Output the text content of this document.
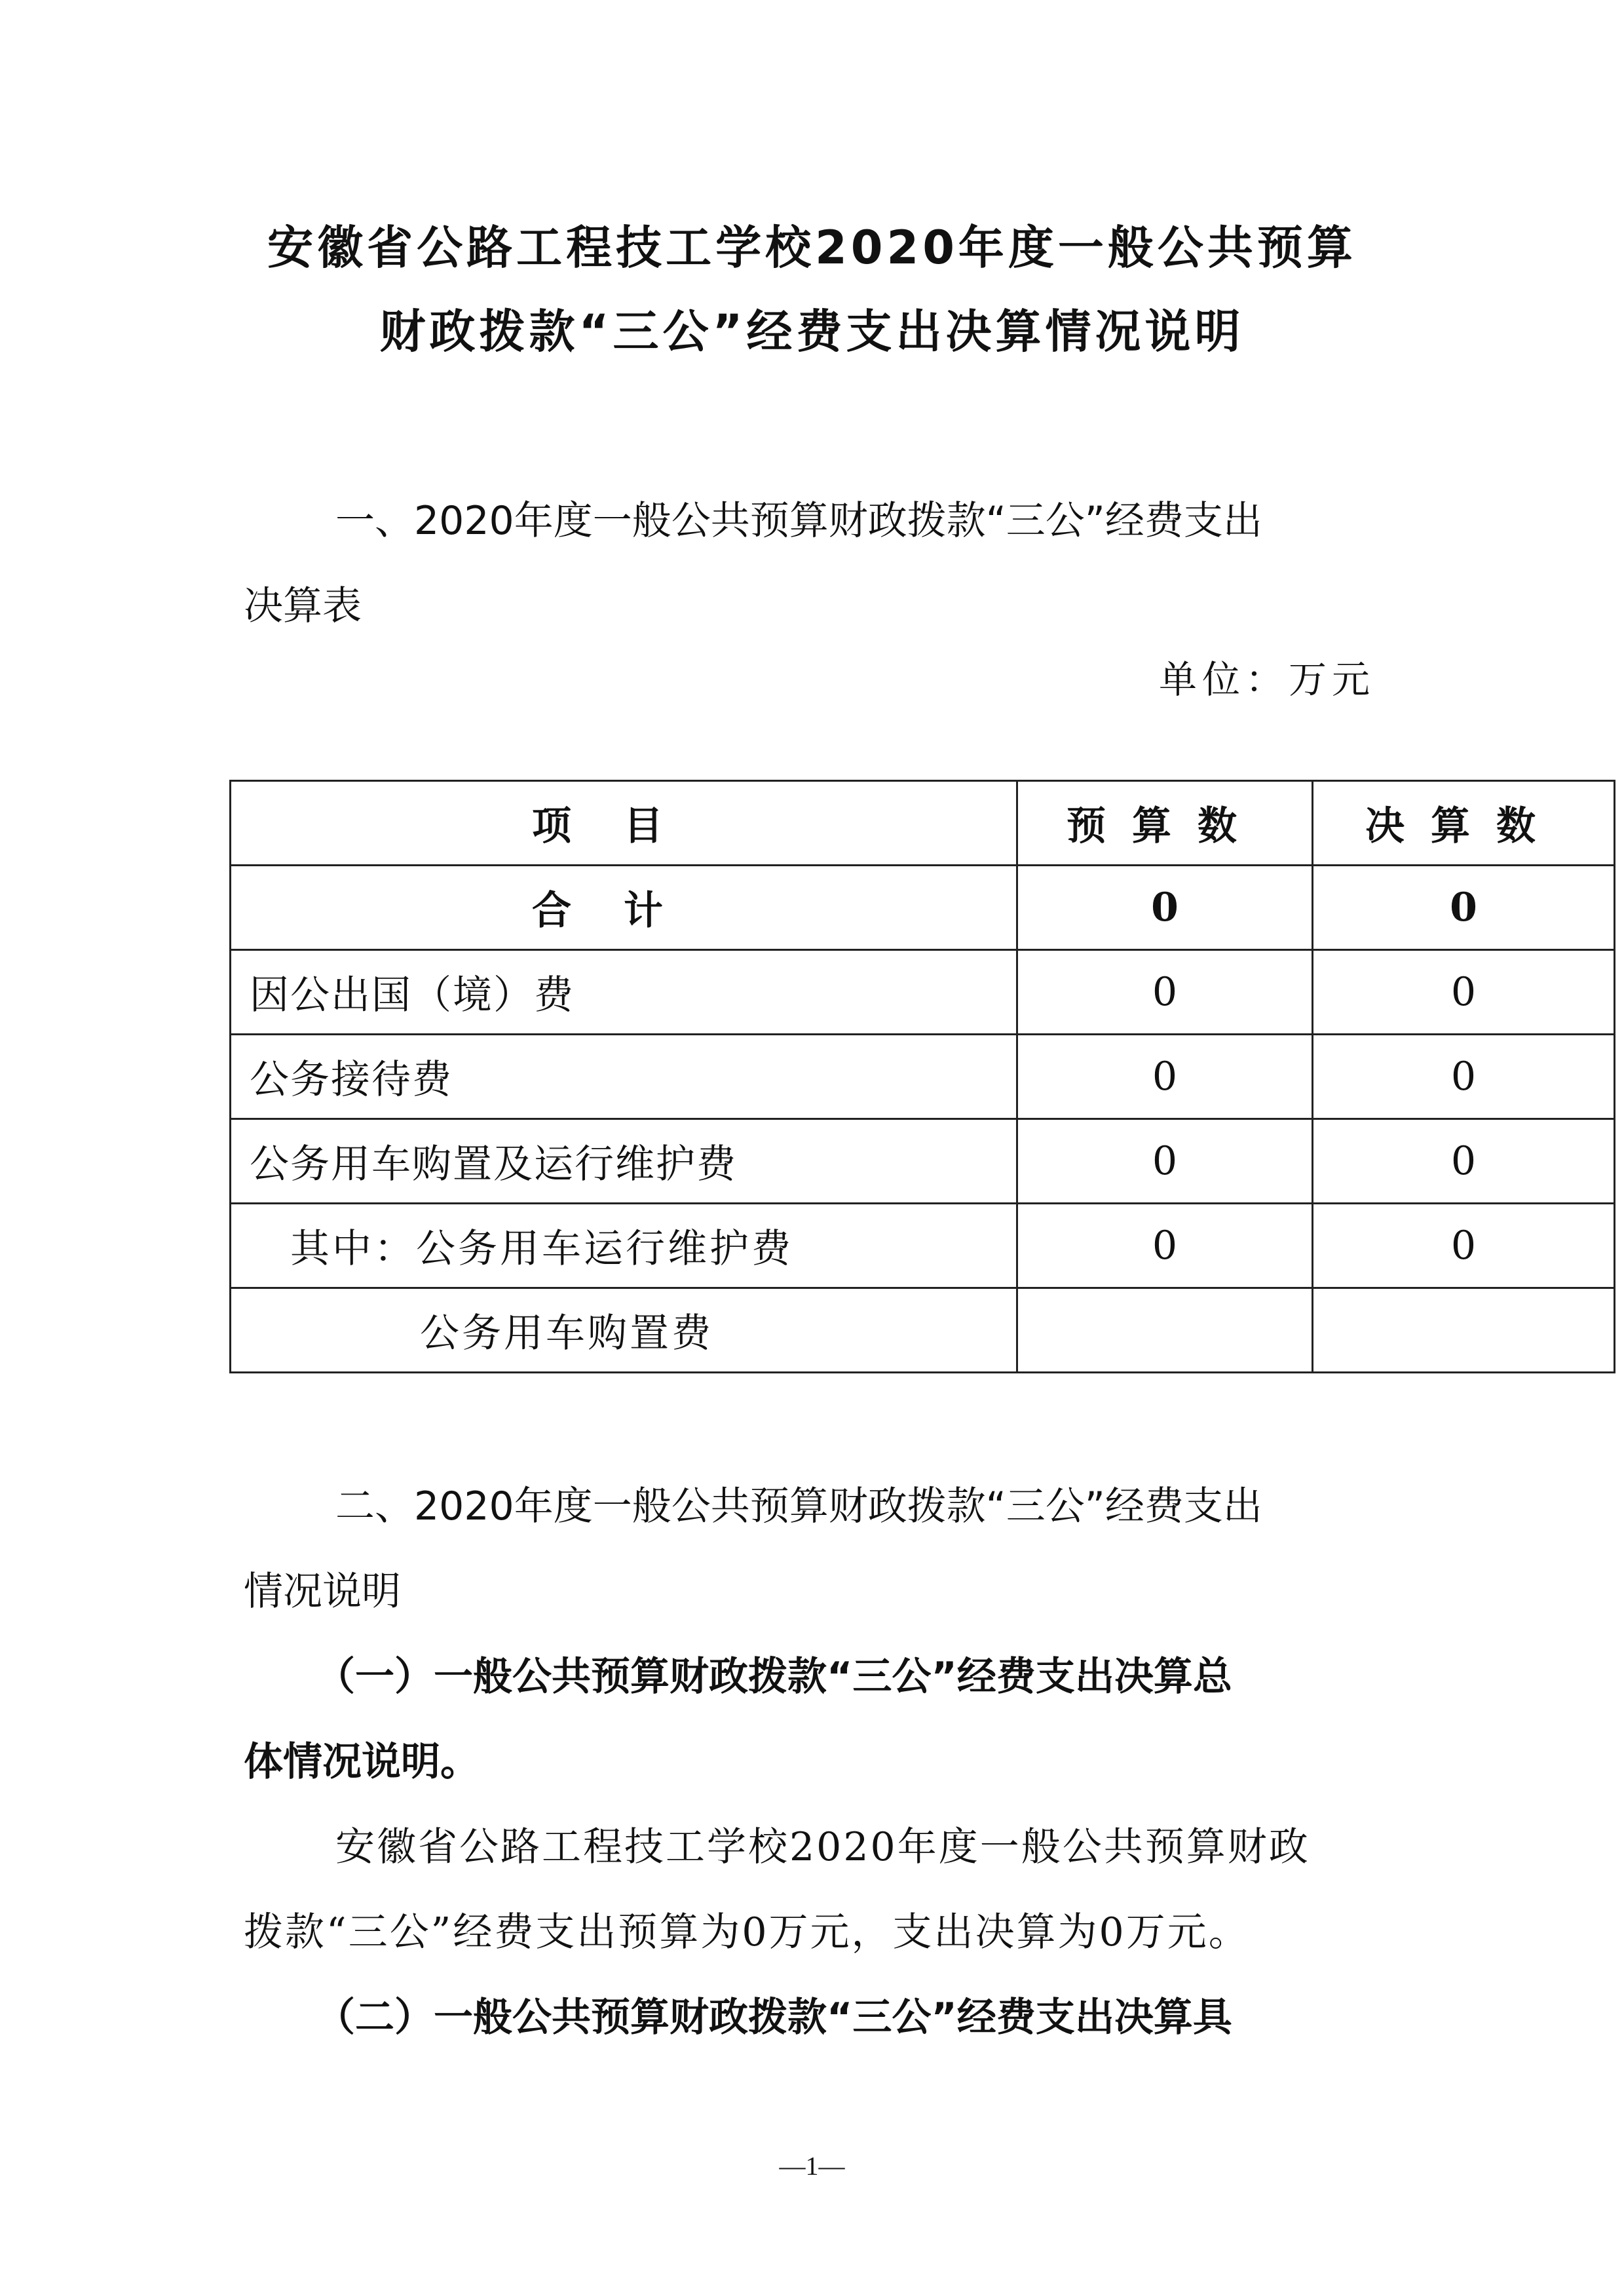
安徽省公路工程技工学校2020年度一般公共预算
财政拨款“三公”经费支出决算情况说明
一、2020年度一般公共预算财政拨款“三公”经费支出
决算表
单位：万元
项目	预算数	决算数
合计	0	0
因公出国（境）费	0	0
公务接待费	0	0
公务用车购置及运行维护费	0	0
其中：公务用车运行维护费	0	0
公务用车购置费		
二、2020年度一般公共预算财政拨款“三公”经费支出
情况说明
（一）一般公共预算财政拨款“三公”经费支出决算总
体情况说明。
安徽省公路工程技工学校2020年度一般公共预算财政
拨款“三公”经费支出预算为0万元，支出决算为0万元。
（二）一般公共预算财政拨款“三公”经费支出决算具
—1—
